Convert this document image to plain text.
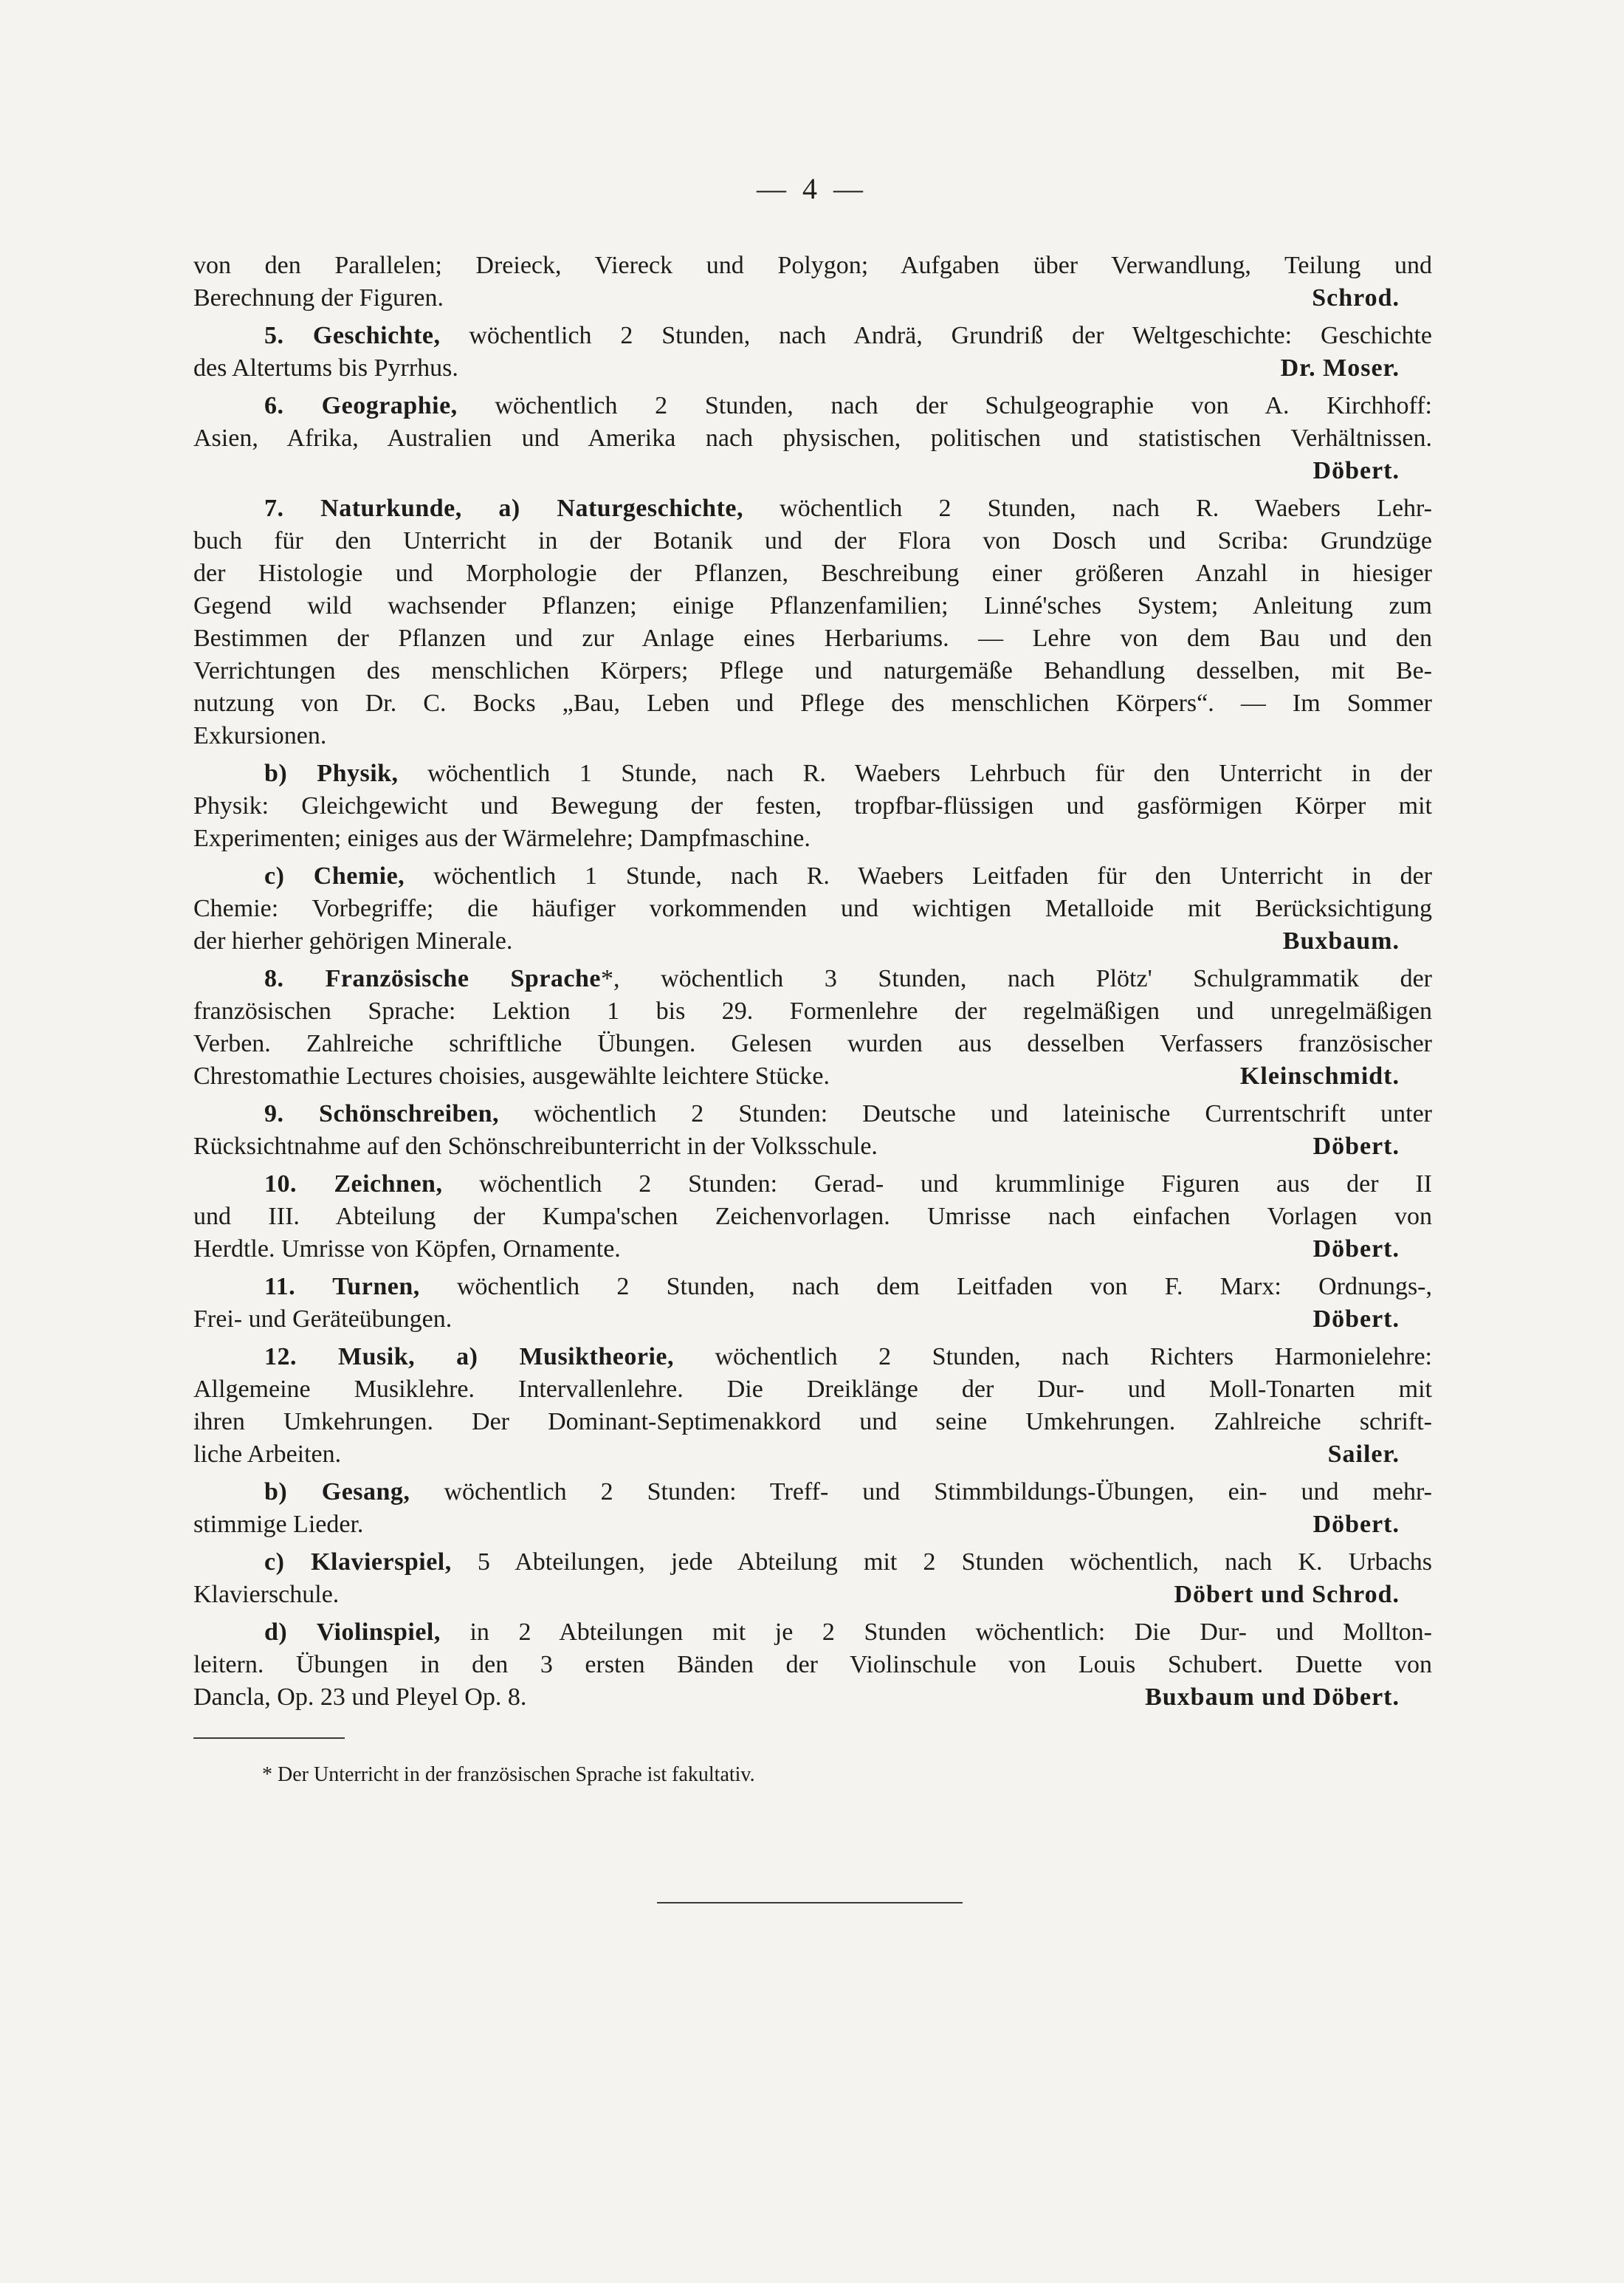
— 4 —
von den Parallelen; Dreieck, Viereck und Polygon; Aufgaben über Verwandlung, Teilung und
Berechnung der Figuren.	Schrod.
5. Geschichte, wöchentlich 2 Stunden, nach Andrä, Grundriß der Weltgeschichte: Geschichte
des Altertums bis Pyrrhus.	Dr. Moser.
6. Geographie, wöchentlich 2 Stunden, nach der Schulgeographie von A. Kirchhoff:
Asien, Afrika, Australien und Amerika nach physischen, politischen und statistischen Verhältnissen.
Döbert.
7. Naturkunde, a) Naturgeschichte, wöchentlich 2 Stunden, nach R. Waebers Lehr-
buch für den Unterricht in der Botanik und der Flora von Dosch und Scriba: Grundzüge
der Histologie und Morphologie der Pflanzen, Beschreibung einer größeren Anzahl in hiesiger
Gegend wild wachsender Pflanzen; einige Pflanzenfamilien; Linné'sches System; Anleitung zum
Bestimmen der Pflanzen und zur Anlage eines Herbariums. — Lehre von dem Bau und den
Verrichtungen des menschlichen Körpers; Pflege und naturgemäße Behandlung desselben, mit Be-
nutzung von Dr. C. Bocks „Bau, Leben und Pflege des menschlichen Körpers“. — Im Sommer
Exkursionen.
b) Physik, wöchentlich 1 Stunde, nach R. Waebers Lehrbuch für den Unterricht in der
Physik: Gleichgewicht und Bewegung der festen, tropfbar-flüssigen und gasförmigen Körper mit
Experimenten; einiges aus der Wärmelehre; Dampfmaschine.
c) Chemie, wöchentlich 1 Stunde, nach R. Waebers Leitfaden für den Unterricht in der
Chemie: Vorbegriffe; die häufiger vorkommenden und wichtigen Metalloide mit Berücksichtigung
der hierher gehörigen Minerale.	Buxbaum.
8. Französische Sprache*, wöchentlich 3 Stunden, nach Plötz' Schulgrammatik der
französischen Sprache: Lektion 1 bis 29. Formenlehre der regelmäßigen und unregelmäßigen
Verben. Zahlreiche schriftliche Übungen. Gelesen wurden aus desselben Verfassers französischer
Chrestomathie Lectures choisies, ausgewählte leichtere Stücke.	Kleinschmidt.
9. Schönschreiben, wöchentlich 2 Stunden: Deutsche und lateinische Currentschrift unter
Rücksichtnahme auf den Schönschreibunterricht in der Volksschule.	Döbert.
10. Zeichnen, wöchentlich 2 Stunden: Gerad- und krummlinige Figuren aus der II
und III. Abteilung der Kumpa'schen Zeichenvorlagen. Umrisse nach einfachen Vorlagen von
Herdtle. Umrisse von Köpfen, Ornamente.	Döbert.
11. Turnen, wöchentlich 2 Stunden, nach dem Leitfaden von F. Marx: Ordnungs-,
Frei- und Geräteübungen.	Döbert.
12. Musik, a) Musiktheorie, wöchentlich 2 Stunden, nach Richters Harmonielehre:
Allgemeine Musiklehre. Intervallenlehre. Die Dreiklänge der Dur- und Moll-Tonarten mit
ihren Umkehrungen. Der Dominant-Septimenakkord und seine Umkehrungen. Zahlreiche schrift-
liche Arbeiten.	Sailer.
b) Gesang, wöchentlich 2 Stunden: Treff- und Stimmbildungs-Übungen, ein- und mehr-
stimmige Lieder.	Döbert.
c) Klavierspiel, 5 Abteilungen, jede Abteilung mit 2 Stunden wöchentlich, nach K. Urbachs
Klavierschule.	Döbert und Schrod.
d) Violinspiel, in 2 Abteilungen mit je 2 Stunden wöchentlich: Die Dur- und Mollton-
leitern. Übungen in den 3 ersten Bänden der Violinschule von Louis Schubert. Duette von
Dancla, Op. 23 und Pleyel Op. 8.	Buxbaum und Döbert.
* Der Unterricht in der französischen Sprache ist fakultativ.
